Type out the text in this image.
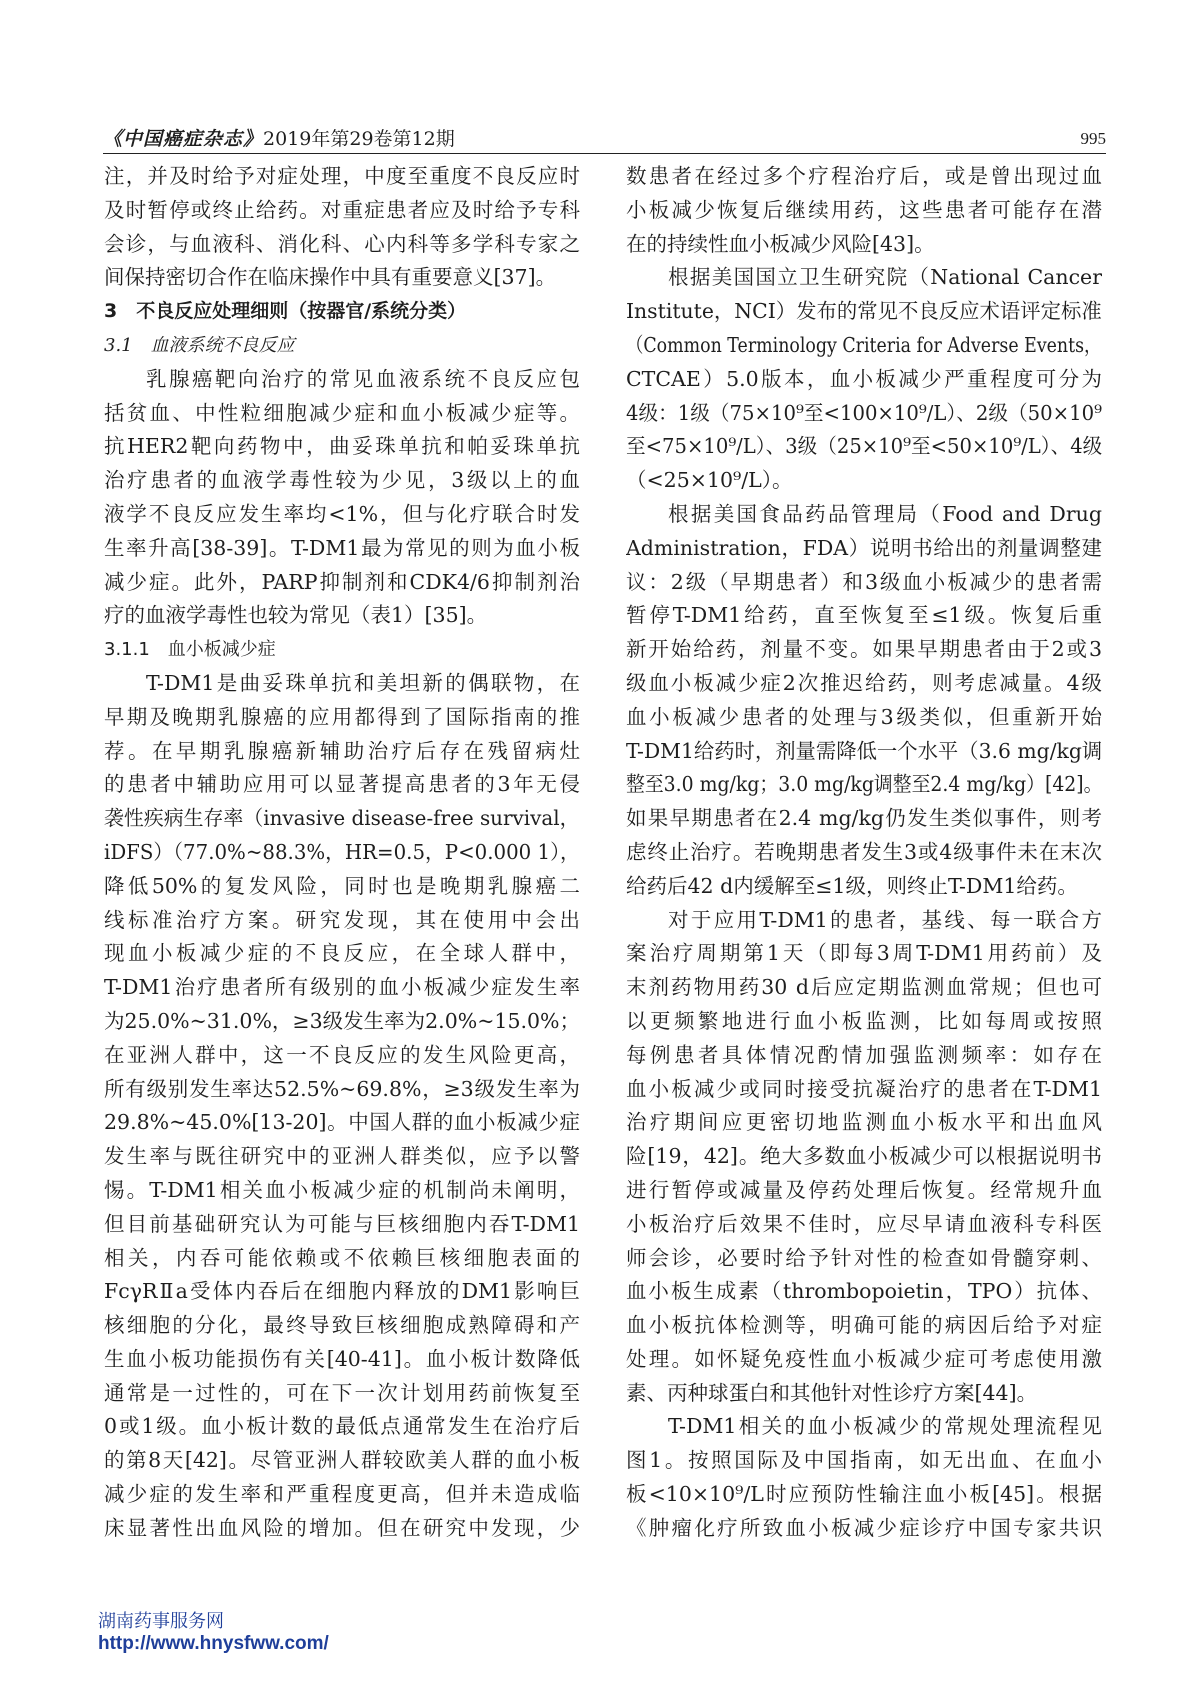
《中国癌症杂志》2019年第29卷第12期	995
注，并及时给予对症处理，中度至重度不良反应时
及时暂停或终止给药。对重症患者应及时给予专科
会诊，与血液科、消化科、心内科等多学科专家之
间保持密切合作在临床操作中具有重要意义[37]。
3　不良反应处理细则（按器官/系统分类）
3.1　血液系统不良反应
乳腺癌靶向治疗的常见血液系统不良反应包
括贫血、中性粒细胞减少症和血小板减少症等。
抗HER2靶向药物中，曲妥珠单抗和帕妥珠单抗
治疗患者的血液学毒性较为少见，3级以上的血
液学不良反应发生率均<1%，但与化疗联合时发
生率升高[38-39]。T-DM1最为常见的则为血小板
减少症。此外，PARP抑制剂和CDK4/6抑制剂治
疗的血液学毒性也较为常见（表1）[35]。
3.1.1　血小板减少症
T-DM1是曲妥珠单抗和美坦新的偶联物，在
早期及晚期乳腺癌的应用都得到了国际指南的推
荐。在早期乳腺癌新辅助治疗后存在残留病灶
的患者中辅助应用可以显著提高患者的3年无侵
袭性疾病生存率（invasive disease-free survival，
iDFS）（77.0%~88.3%，HR=0.5，P<0.000 1），
降低50%的复发风险，同时也是晚期乳腺癌二
线标准治疗方案。研究发现，其在使用中会出
现血小板减少症的不良反应，在全球人群中，
T-DM1治疗患者所有级别的血小板减少症发生率
为25.0%~31.0%，≥3级发生率为2.0%~15.0%；
在亚洲人群中，这一不良反应的发生风险更高，
所有级别发生率达52.5%~69.8%，≥3级发生率为
29.8%~45.0%[13-20]。中国人群的血小板减少症
发生率与既往研究中的亚洲人群类似，应予以警
惕。T-DM1相关血小板减少症的机制尚未阐明，
但目前基础研究认为可能与巨核细胞内吞T-DM1
相关，内吞可能依赖或不依赖巨核细胞表面的
FcγRⅡa受体内吞后在细胞内释放的DM1影响巨
核细胞的分化，最终导致巨核细胞成熟障碍和产
生血小板功能损伤有关[40-41]。血小板计数降低
通常是一过性的，可在下一次计划用药前恢复至
0或1级。血小板计数的最低点通常发生在治疗后
的第8天[42]。尽管亚洲人群较欧美人群的血小板
减少症的发生率和严重程度更高，但并未造成临
床显著性出血风险的增加。但在研究中发现，少
数患者在经过多个疗程治疗后，或是曾出现过血
小板减少恢复后继续用药，这些患者可能存在潜
在的持续性血小板减少风险[43]。
根据美国国立卫生研究院（National Cancer
Institute，NCI）发布的常见不良反应术语评定标准
（Common Terminology Criteria for Adverse Events，
CTCAE）5.0版本，血小板减少严重程度可分为
4级：1级（75×10⁹至<100×10⁹/L）、2级（50×10⁹
至<75×10⁹/L）、3级（25×10⁹至<50×10⁹/L）、4级
（<25×10⁹/L）。
根据美国食品药品管理局（Food and Drug
Administration，FDA）说明书给出的剂量调整建
议：2级（早期患者）和3级血小板减少的患者需
暂停T-DM1给药，直至恢复至≤1级。恢复后重
新开始给药，剂量不变。如果早期患者由于2或3
级血小板减少症2次推迟给药，则考虑减量。4级
血小板减少患者的处理与3级类似，但重新开始
T-DM1给药时，剂量需降低一个水平（3.6 mg/kg调
整至3.0 mg/kg；3.0 mg/kg调整至2.4 mg/kg）[42]。
如果早期患者在2.4 mg/kg仍发生类似事件，则考
虑终止治疗。若晚期患者发生3或4级事件未在末次
给药后42 d内缓解至≤1级，则终止T-DM1给药。
对于应用T-DM1的患者，基线、每一联合方
案治疗周期第1天（即每3周T-DM1用药前）及
末剂药物用药30 d后应定期监测血常规；但也可
以更频繁地进行血小板监测，比如每周或按照
每例患者具体情况酌情加强监测频率：如存在
血小板减少或同时接受抗凝治疗的患者在T-DM1
治疗期间应更密切地监测血小板水平和出血风
险[19，42]。绝大多数血小板减少可以根据说明书
进行暂停或减量及停药处理后恢复。经常规升血
小板治疗后效果不佳时，应尽早请血液科专科医
师会诊，必要时给予针对性的检查如骨髓穿刺、
血小板生成素（thrombopoietin，TPO）抗体、
血小板抗体检测等，明确可能的病因后给予对症
处理。如怀疑免疫性血小板减少症可考虑使用激
素、丙种球蛋白和其他针对性诊疗方案[44]。
T-DM1相关的血小板减少的常规处理流程见
图1。按照国际及中国指南，如无出血、在血小
板<10×10⁹/L时应预防性输注血小板[45]。根据
《肿瘤化疗所致血小板减少症诊疗中国专家共识
湖南药事服务网
http://www.hnysfww.com/
